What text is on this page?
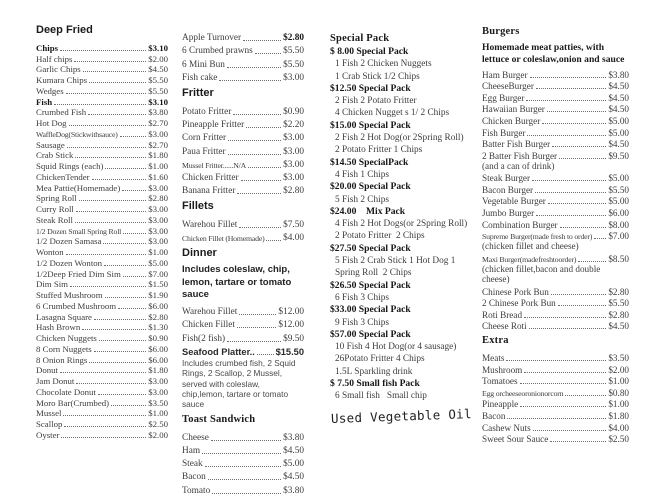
Deep Fried
Chips	$3.10
Half chips	$2.00
Garlic Chips	$4.50
Kumara Chips	$5.50
Wedges	$5.50
Fish	$3.10
Crumbed Fish	$3.80
Hot Dog	$2.70
WaffleDog(Stickwithsauce)	$3.00
Sausage	$2.70
Crab Stick	$1.80
Squid Rings (each)	$1.00
ChickenTender	$1.60
Mea Pattie(Homemade)	$3.00
Spring Roll	$2.80
Curry Roll	$3.00
Steak Roll	$3.00
1/2 Dozen Small Spring Roll	$3.00
1/2 Dozen Samasa	$3.00
Wonton	$1.00
1/2 Dozen Wonton	$5.00
1/2Deep Fried Dim Sim	$7.00
Dim Sim	$1.50
Stuffed Mushroom	$1.90
6 Crumbed Mushroom	$6.00
Lasagna Square	$2.80
Hash Brown	$1.30
Chicken Nuggets	$0.90
8 Corn Nuggets	$6.00
8 Onion Rings	$6.00
Donut	$1.80
Jam Donut	$3.00
Chocolate Donut	$3.00
Moro Bar(Crumbed)	$3.50
Mussel	$1.00
Scallop	$2.50
Oyster	$2.00
Apple Turnover	$2.80
6 Crumbed prawns	$5.50
6 Mini Bun	$5.50
Fish cake	$3.00
Fritter
Potato Fritter	$0.90
Pineapple Fritter	$2.20
Corn Fritter	$3.00
Paua Fritter	$3.00
Mussel Fritter......N/A	$3.00
Chicken Fritter	$3.00
Banana Fritter	$2.80
Fillets
Warehou Fillet	$7.50
Chicken Fillet (Homemade) $4.00
Dinner
Includes coleslaw, chip, lemon, tartare or tomato sauce
Warehou Fillet	$12.00
Chicken Fillet	$12.00
Fish(2 fish)	$9.50
Seafood Platter.. $15.50
Includes crumbed fish, 2 Squid Rings, 2 Scallop, 2 Mussel, served with coleslaw, chip,lemon, tartare or tomato sauce
Toast Sandwich
Cheese	$3.80
Ham	$4.50
Steak	$5.00
Bacon	$4.50
Tomato	$3.80
Special Pack
$ 8.00 Special Pack
1 Fish 2 Chicken Nuggets
1 Crab Stick 1/2 Chips
$12.50 Special Pack
2 Fish 2 Potato Fritter
4 Chicken Nugget s 1/ 2 Chips
$15.00 Special Pack
2 Fish 2 Hot Dog(or 2Spring Roll)
2 Potato Fritter 1 Chips
$14.50 SpecialPack
4 Fish 1 Chips
$20.00 Special Pack
5 Fish 2 Chips
$24.00    Mix Pack
4 Fish 2 Hot Dogs(or 2Spring Roll)
2 Potato Fritter  2 Chips
$27.50 Special Pack
5 Fish 2 Crab Stick 1 Hot Dog 1
Spring Roll  2 Chips
$26.50 Special Pack
6 Fish 3 Chips
$33.00 Special Pack
9 Fish 3 Chips
$57.00 Special Pack
10 Fish 4 Hot Dog(or 4 sausage)
26Potato Fritter 4 Chips
1.5L Sparkling drink
$ 7.50 Small fish Pack
6 Small fish   Small chip
Burgers
Homemade meat patties, with lettuce or coleslaw,onion and sauce
Ham Burger	$3.80
CheeseBurger	$4.50
Egg Burger	$4.50
Hawaiian Burger	$4.50
Chicken Burger	$5.00
Fish Burger	$5.00
Batter Fish Burger	$4.50
2 Batter Fish Burger	$9.50
(and a can of drink)
Steak Burger	$5.00
Bacon Burger	$5.50
Vegetable Burger	$5.00
Jumbo Burger	$6.00
Combination Burger	$8.00
Supreme Burger(made fresh to order) $7.00
(chicken fillet and cheese)
Maxi Burger(madefreshtoorder)	$8.50
(chicken fillet,bacon and double cheese)
Chinese Pork Bun	$2.80
2 Chinese Pork Bun	$5.50
Roti Bread	$2.80
Cheese Roti	$4.50
Extra
Meats	$3.50
Mushroom	$2.00
Tomatoes	$1.00
Egg orcheeseoronionorcorn	$0.80
Pineapple	$1.00
Bacon	$1.80
Cashew Nuts	$4.00
Sweet Sour Sauce	$2.50
Used Vegetable Oil
